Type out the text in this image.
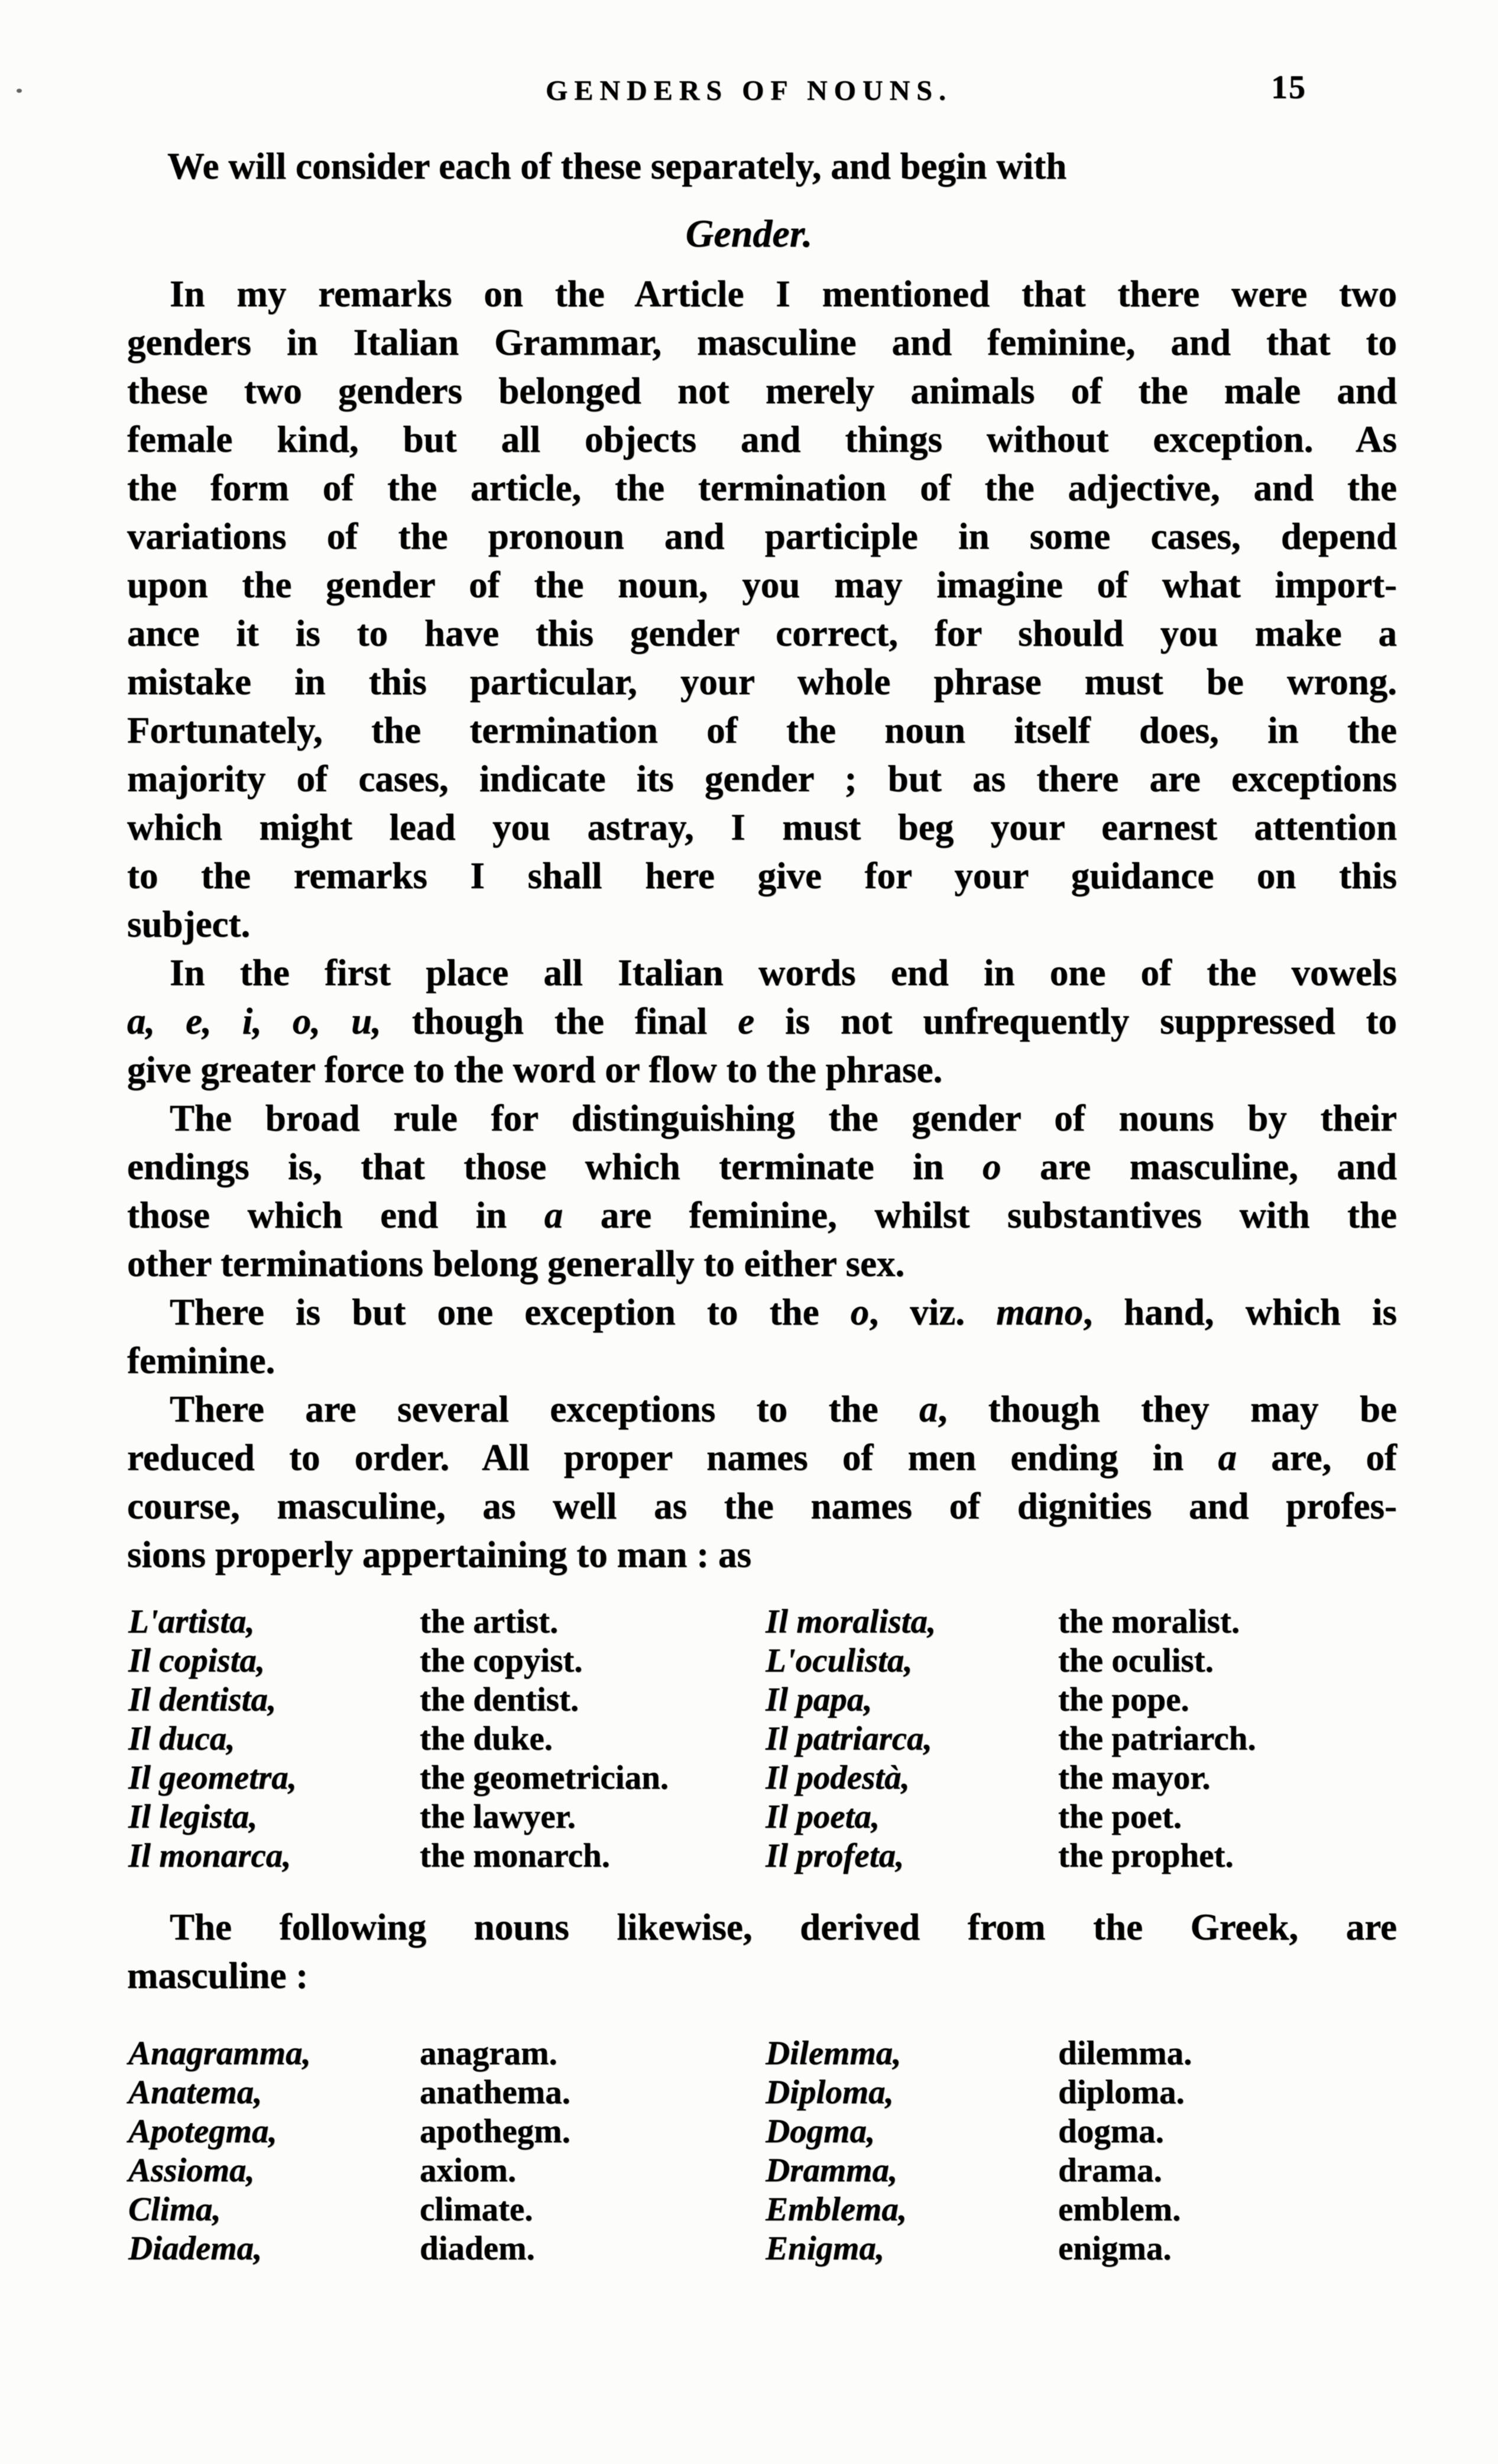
GENDERS OF NOUNS.	15
We will consider each of these separately, and begin with
Gender.
In my remarks on the Article I mentioned that there were two
genders in Italian Grammar, masculine and feminine, and that to
these two genders belonged not merely animals of the male and
female kind, but all objects and things without exception. As
the form of the article, the termination of the adjective, and the
variations of the pronoun and participle in some cases, depend
upon the gender of the noun, you may imagine of what import-
ance it is to have this gender correct, for should you make a
mistake in this particular, your whole phrase must be wrong.
Fortunately, the termination of the noun itself does, in the
majority of cases, indicate its gender ; but as there are exceptions
which might lead you astray, I must beg your earnest attention
to the remarks I shall here give for your guidance on this
subject.
In the first place all Italian words end in one of the vowels
a, e, i, o, u, though the final e is not unfrequently suppressed to
give greater force to the word or flow to the phrase.
The broad rule for distinguishing the gender of nouns by their
endings is, that those which terminate in o are masculine, and
those which end in a are feminine, whilst substantives with the
other terminations belong generally to either sex.
There is but one exception to the o, viz. mano, hand, which is
feminine.
There are several exceptions to the a, though they may be
reduced to order. All proper names of men ending in a are, of
course, masculine, as well as the names of dignities and profes-
sions properly appertaining to man : as
L'artista,	the artist.	Il moralista,	the moralist.
Il copista,	the copyist.	L'oculista,	the oculist.
Il dentista,	the dentist.	Il papa,	the pope.
Il duca,	the duke.	Il patriarca,	the patriarch.
Il geometra,	the geometrician.	Il podestà,	the mayor.
Il legista,	the lawyer.	Il poeta,	the poet.
Il monarca,	the monarch.	Il profeta,	the prophet.
The following nouns likewise, derived from the Greek, are
masculine :
Anagramma,	anagram.	Dilemma,	dilemma.
Anatema,	anathema.	Diploma,	diploma.
Apotegma,	apothegm.	Dogma,	dogma.
Assioma,	axiom.	Dramma,	drama.
Clima,	climate.	Emblema,	emblem.
Diadema,	diadem.	Enigma,	enigma.
